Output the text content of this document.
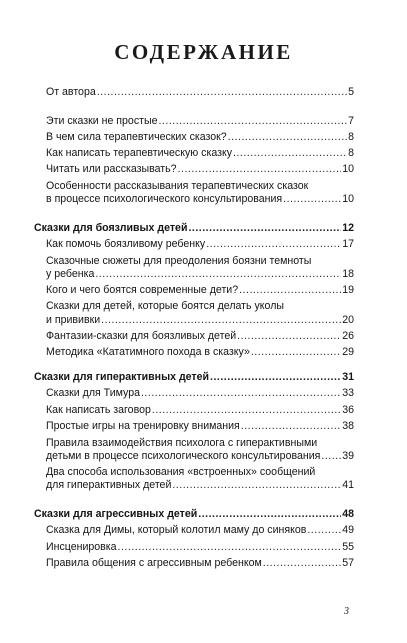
СОДЕРЖАНИЕ
От автора .....	5
Эти сказки не простые .....	7
В чем сила терапевтических сказок? .....	8
Как написать терапевтическую сказку .....	8
Читать или рассказывать? .....	10
Особенности рассказывания терапевтических сказок
в процессе психологического консультирования .....	10
Сказки для боязливых детей .....	12
Как помочь боязливому ребенку .....	17
Сказочные сюжеты для преодоления боязни темноты
у ребенка .....	18
Кого и чего боятся современные дети? .....	19
Сказки для детей, которые боятся делать уколы
и прививки .....	20
Фантазии-сказки для боязливых детей .....	26
Методика «Кататимного похода в сказку» .....	29
Сказки для гиперактивных детей .....	31
Сказки для Тимура .....	33
Как написать заговор .....	36
Простые игры на тренировку внимания .....	38
Правила взаимодействия психолога с гиперактивными
детьми в процессе психологического консультирования ..... 39
Два способа использования «встроенных» сообщений
для гиперактивных детей .....	41
Сказки для агрессивных детей .....	48
Сказка для Димы, который колотил маму до синяков .....	49
Инсценировка .....	55
Правила общения с агрессивным ребенком .....	57
3
